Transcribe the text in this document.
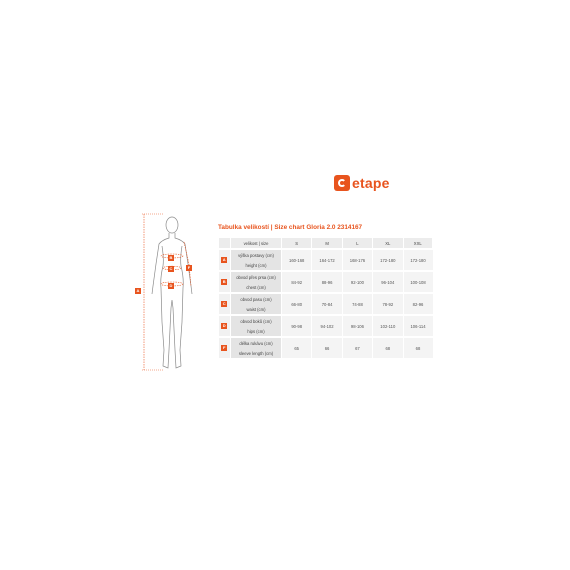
etape
Tabulka velikostí | Size chart Gloria 2.0 2314167
A
B
C
D
F
	velikost | size	S	M	L	XL	XXL
A	výška postavy (cm)	160-168	164-172	168-176	172-180	172-180
	height (cm)					
B	obvod přes prsa (cm)	84-92	88-96	92-100	96-104	100-108
	chest (cm)					
C	obvod pasu (cm)	66-80	70-84	74-88	78-92	82-96
	waist (cm)					
D	obvod boků (cm)	90-98	94-102	98-106	102-110	106-114
	hips (cm)					
F	délka rukávu (cm)	65	66	67	68	68
	sleeve length (cm)					
